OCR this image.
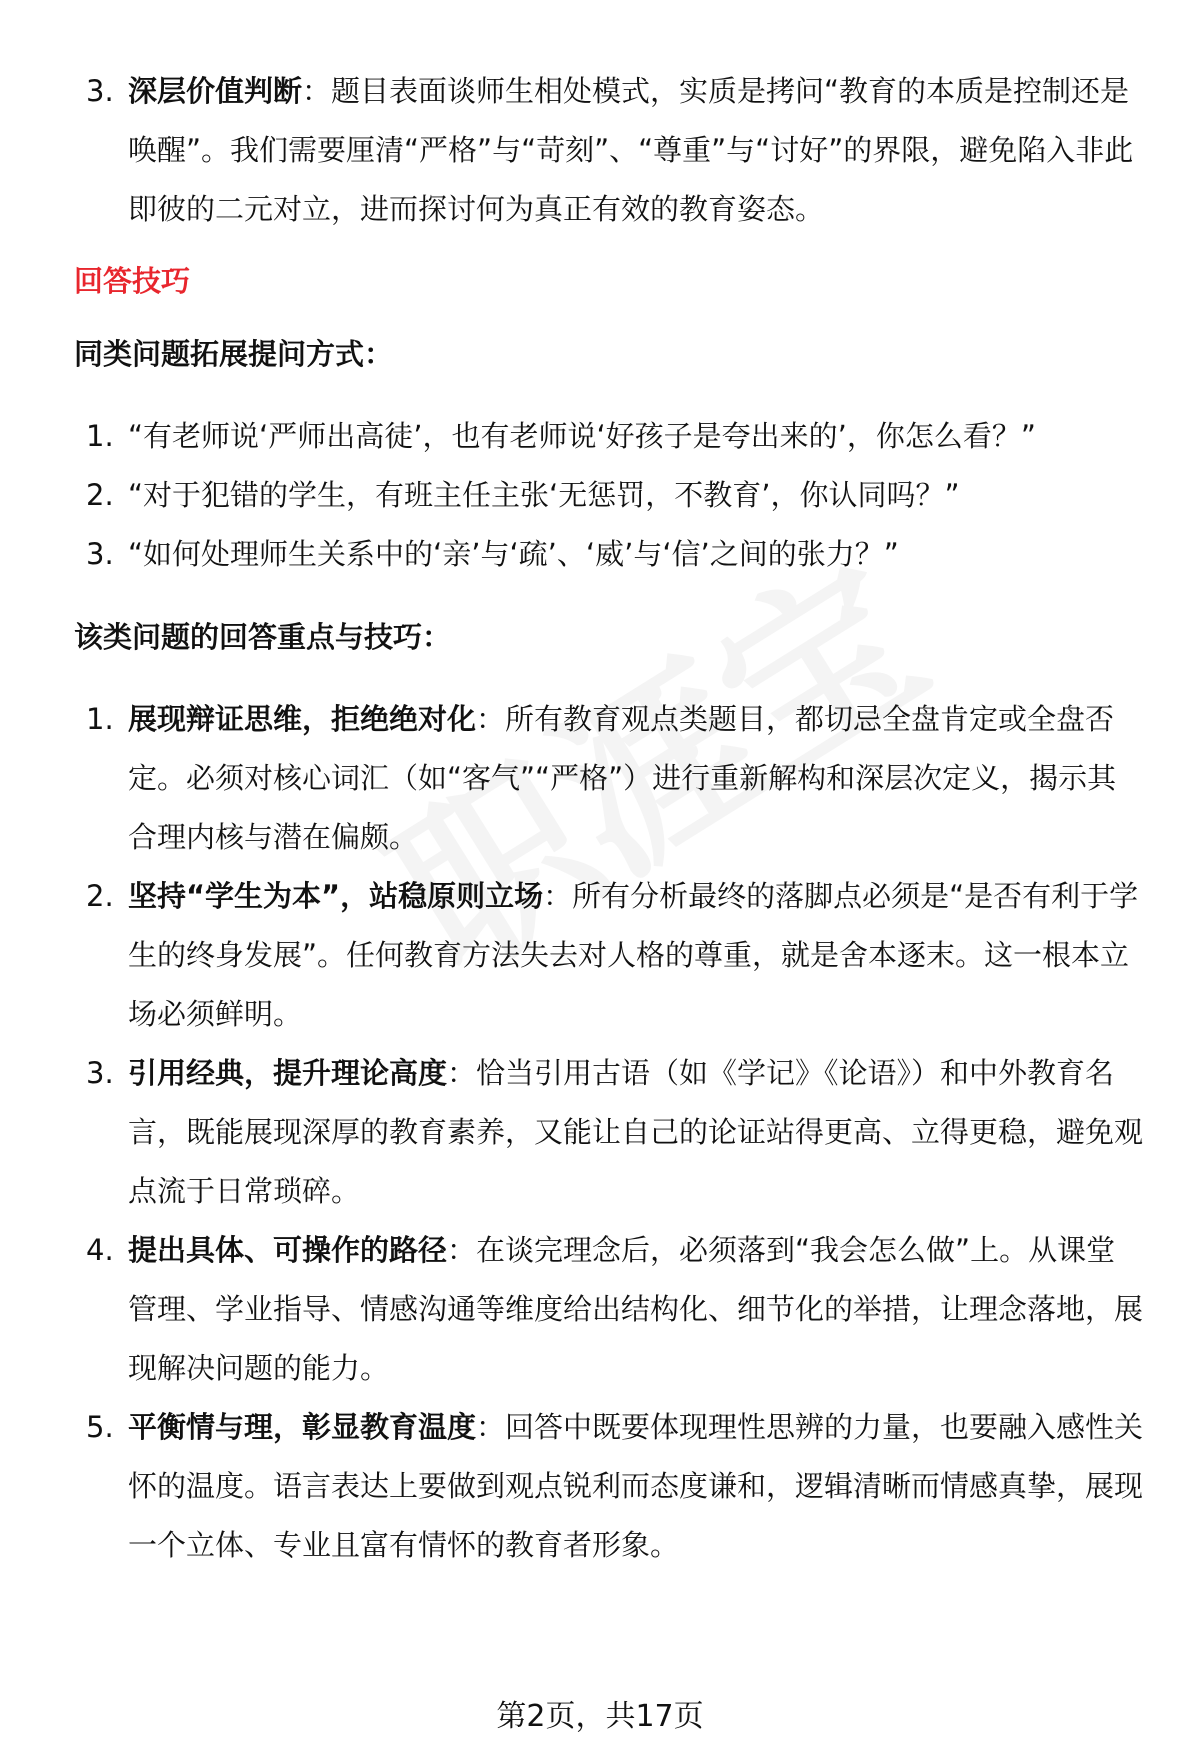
3. 深层价值判断：题目表面谈师生相处模式，实质是拷问“教育的本质是控制还是唤醒”。我们需要厘清“严格”与“苛刻”、“尊重”与“讨好”的界限，避免陷入非此即彼的二元对立，进而探讨何为真正有效的教育姿态。
回答技巧
同类问题拓展提问方式：
1. “有老师说‘严师出高徒’，也有老师说‘好孩子是夸出来的’，你怎么看？”
2. “对于犯错的学生，有班主任主张‘无惩罚，不教育’，你认同吗？”
3. “如何处理师生关系中的‘亲’与‘疏’、‘威’与‘信’之间的张力？”
该类问题的回答重点与技巧：
1. 展现辩证思维，拒绝绝对化：所有教育观点类题目，都切忌全盘肯定或全盘否定。必须对核心词汇（如“客气”“严格”）进行重新解构和深层次定义，揭示其合理内核与潜在偏颇。
2. 坚持“学生为本”，站稳原则立场：所有分析最终的落脚点必须是“是否有利于学生的终身发展”。任何教育方法失去对人格的尊重，就是舍本逐末。这一根本立场必须鲜明。
3. 引用经典，提升理论高度：恰当引用古语（如《学记》《论语》）和中外教育名言，既能展现深厚的教育素养，又能让自己的论证站得更高、立得更稳，避免观点流于日常琐碎。
4. 提出具体、可操作的路径：在谈完理念后，必须落到“我会怎么做”上。从课堂管理、学业指导、情感沟通等维度给出结构化、细节化的举措，让理念落地，展现解决问题的能力。
5. 平衡情与理，彰显教育温度：回答中既要体现理性思辨的力量，也要融入感性关怀的温度。语言表达上要做到观点锐利而态度谦和，逻辑清晰而情感真挚，展现一个立体、专业且富有情怀的教育者形象。
第2页，共17页
